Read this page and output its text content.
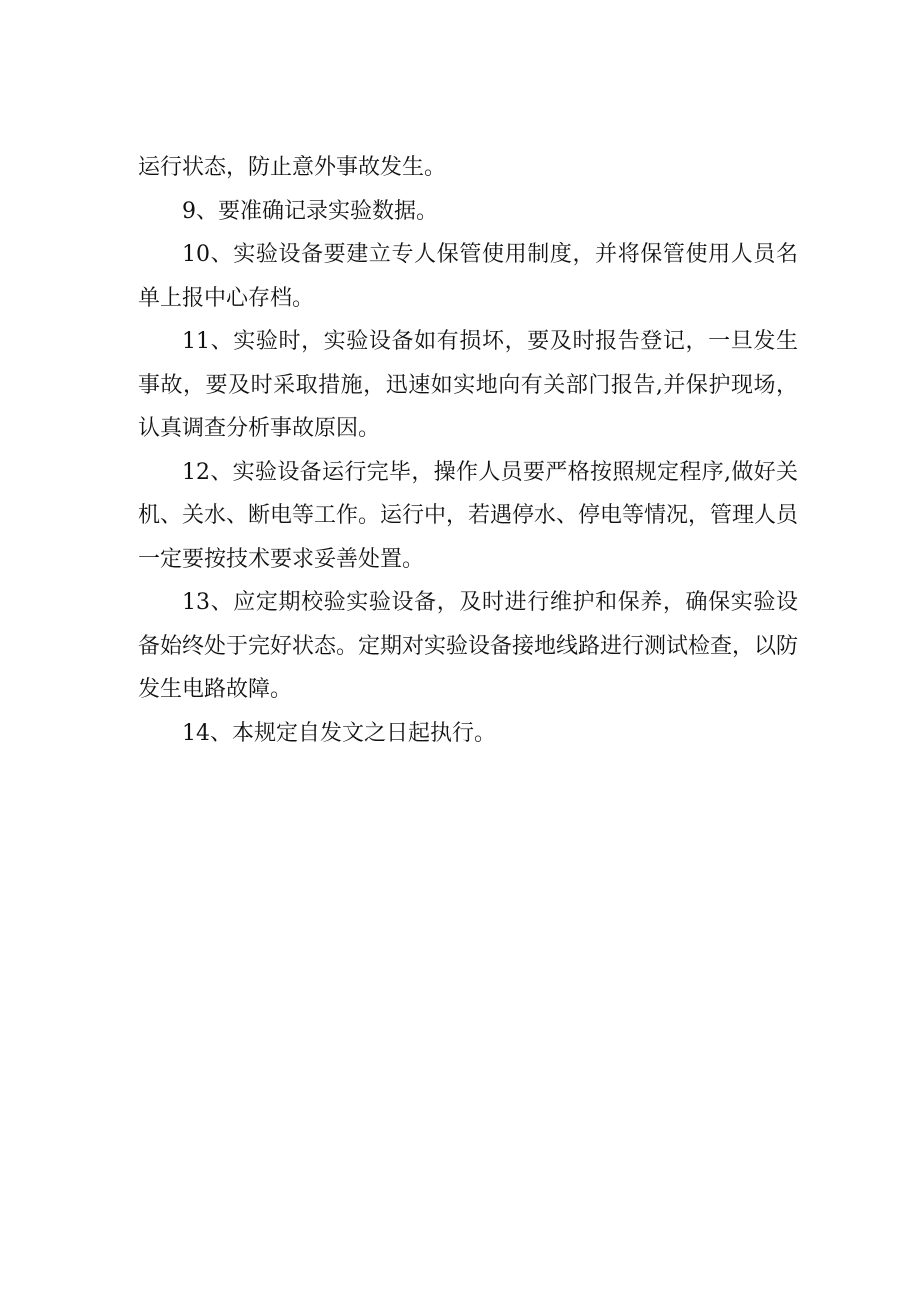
运行状态，防止意外事故发生。

9、要准确记录实验数据。

10、实验设备要建立专人保管使用制度，并将保管使用人员名单上报中心存档。

11、实验时，实验设备如有损坏，要及时报告登记，一旦发生事故，要及时采取措施，迅速如实地向有关部门报告,并保护现场，认真调查分析事故原因。

12、实验设备运行完毕，操作人员要严格按照规定程序,做好关机、关水、断电等工作。运行中，若遇停水、停电等情况，管理人员一定要按技术要求妥善处置。

13、应定期校验实验设备，及时进行维护和保养，确保实验设备始终处于完好状态。定期对实验设备接地线路进行测试检查，以防发生电路故障。

14、本规定自发文之日起执行。
